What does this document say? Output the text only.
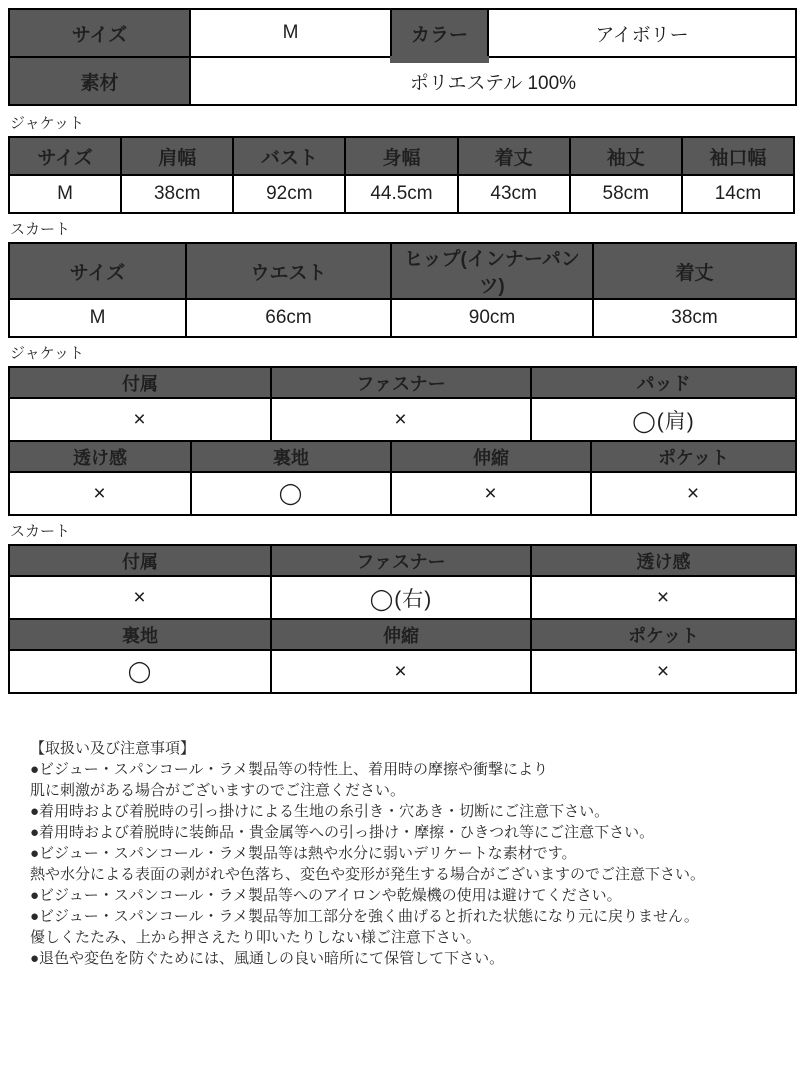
サイズ	M	カラー	アイボリー
素材	ポリエステル 100%		
ジャケット
サイズ	肩幅	バスト	身幅	着丈	袖丈	袖口幅
M	38cm	92cm	44.5cm	43cm	58cm	14cm
スカート
サイズ	ウエスト	ヒップ(インナーパンツ)	着丈
M	66cm	90cm	38cm
ジャケット
付属	ファスナー	パッド
×	×	◯(肩)
透け感	裏地	伸縮	ポケット
×	◯	×	×
スカート
付属	ファスナー	透け感
×	◯(右)	×
裏地	伸縮	ポケット
◯	×	×
【取扱い及び注意事項】
●ビジュー・スパンコール・ラメ製品等の特性上、着用時の摩擦や衝撃により
肌に刺激がある場合がございますのでご注意ください。
●着用時および着脱時の引っ掛けによる生地の糸引き・穴あき・切断にご注意下さい。
●着用時および着脱時に装飾品・貴金属等への引っ掛け・摩擦・ひきつれ等にご注意下さい。
●ビジュー・スパンコール・ラメ製品等は熱や水分に弱いデリケートな素材です。
熱や水分による表面の剥がれや色落ち、変色や変形が発生する場合がございますのでご注意下さい。
●ビジュー・スパンコール・ラメ製品等へのアイロンや乾燥機の使用は避けてください。
●ビジュー・スパンコール・ラメ製品等加工部分を強く曲げると折れた状態になり元に戻りません。
優しくたたみ、上から押さえたり叩いたりしない様ご注意下さい。
●退色や変色を防ぐためには、風通しの良い暗所にて保管して下さい。
